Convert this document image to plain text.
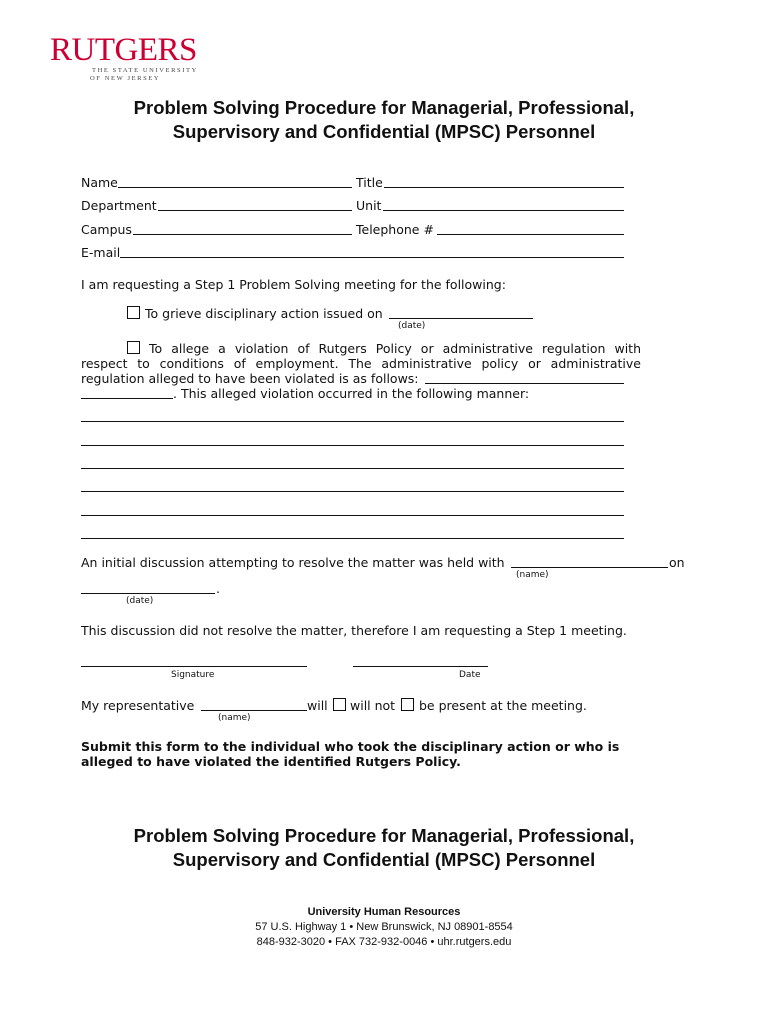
RUTGERS
THE STATE UNIVERSITY
OF NEW JERSEY
Problem Solving Procedure for Managerial, Professional,
Supervisory and Confidential (MPSC) Personnel
Name	Title
Department	Unit
Campus	Telephone #
E-mail
I am requesting a Step 1 Problem Solving meeting for the following:
To grieve disciplinary action issued on
(date)
To allege a violation of Rutgers Policy or administrative regulation with
respect to conditions of employment. The administrative policy or administrative
regulation alleged to have been violated is as follows:
. This alleged violation occurred in the following manner:
An initial discussion attempting to resolve the matter was held with	on
(name)
.
(date)
This discussion did not resolve the matter, therefore I am requesting a Step 1 meeting.
Signature	Date
My representative	will will not be present at the meeting.
(name)
Submit this form to the individual who took the disciplinary action or who is
alleged to have violated the identified Rutgers Policy.
Problem Solving Procedure for Managerial, Professional,
Supervisory and Confidential (MPSC) Personnel
University Human Resources
57 U.S. Highway 1 • New Brunswick, NJ 08901-8554
848-932-3020 • FAX 732-932-0046 • uhr.rutgers.edu
